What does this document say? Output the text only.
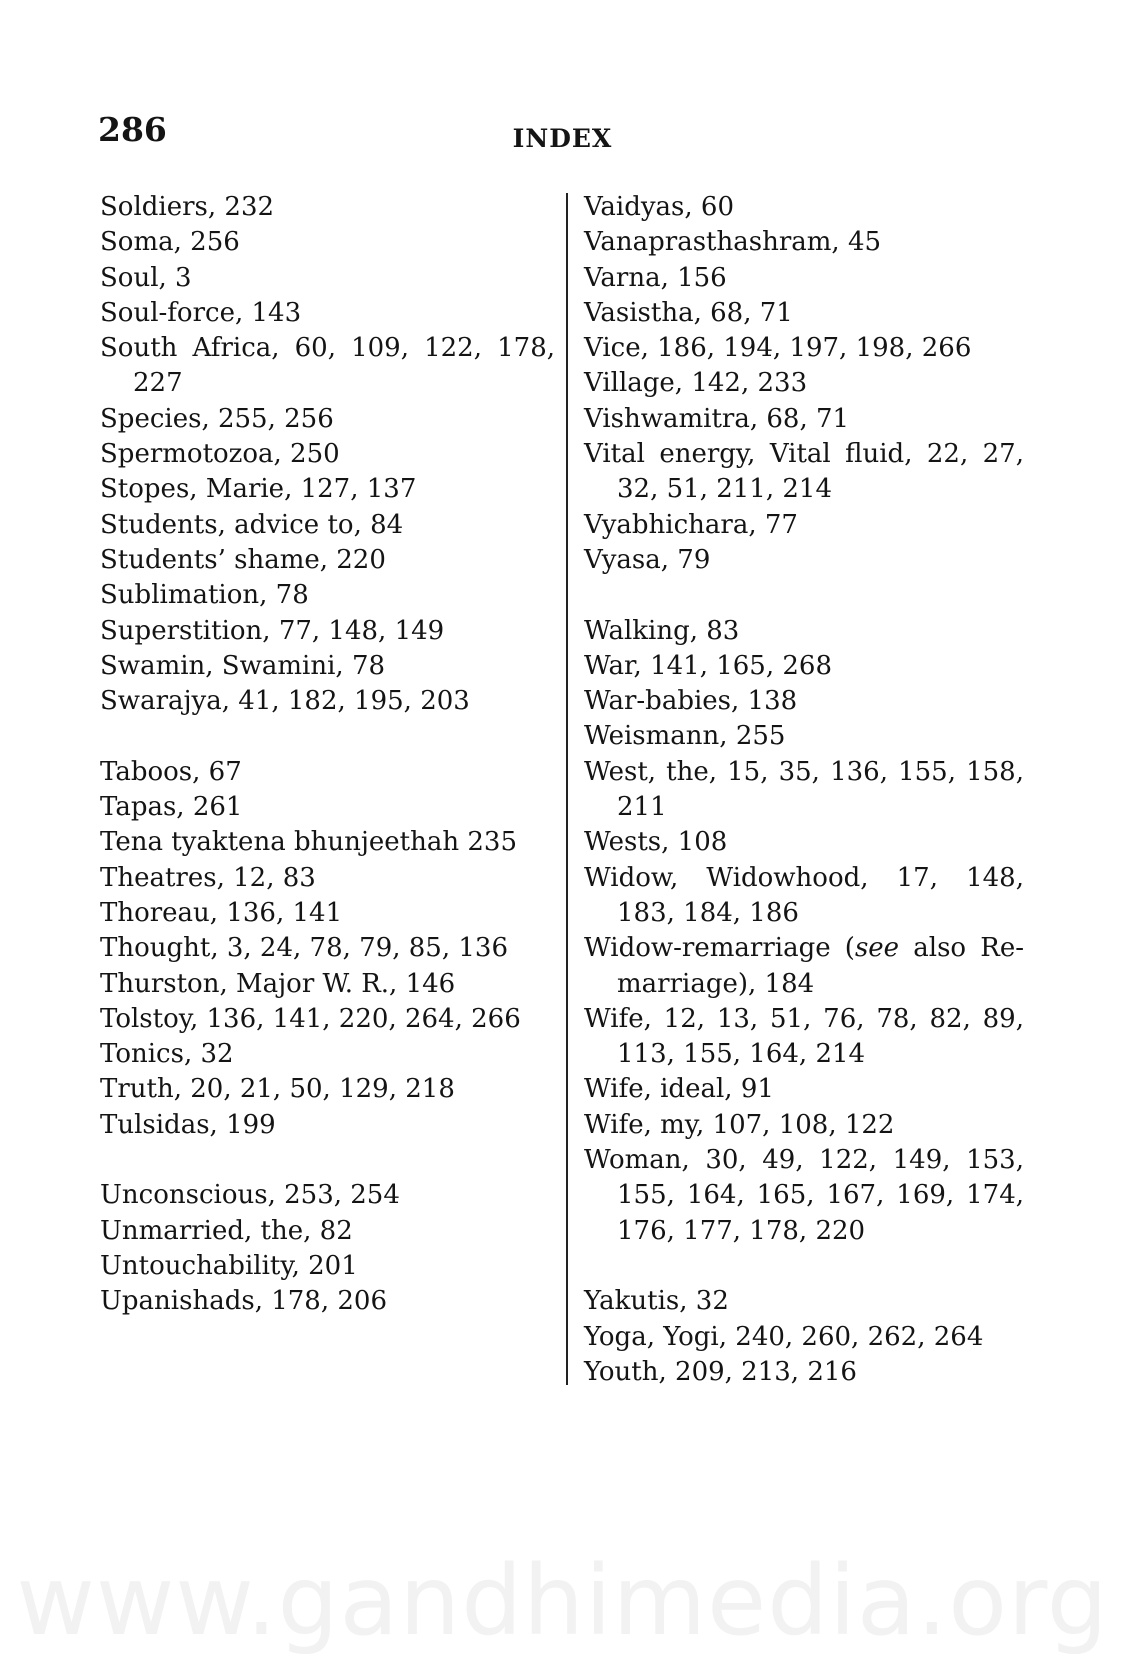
286	INDEX
Soldiers, 232
Soma, 256
Soul, 3
Soul-force, 143
South Africa, 60, 109, 122, 178, 227
Species, 255, 256
Spermotozoa, 250
Stopes, Marie, 127, 137
Students, advice to, 84
Students’ shame, 220
Sublimation, 78
Superstition, 77, 148, 149
Swamin, Swamini, 78
Swarajya, 41, 182, 195, 203
Taboos, 67
Tapas, 261
Tena tyaktena bhunjeethah 235
Theatres, 12, 83
Thoreau, 136, 141
Thought, 3, 24, 78, 79, 85, 136
Thurston, Major W. R., 146
Tolstoy, 136, 141, 220, 264, 266
Tonics, 32
Truth, 20, 21, 50, 129, 218
Tulsidas, 199
Unconscious, 253, 254
Unmarried, the, 82
Untouchability, 201
Upanishads, 178, 206
Vaidyas, 60
Vanaprasthashram, 45
Varna, 156
Vasistha, 68, 71
Vice, 186, 194, 197, 198, 266
Village, 142, 233
Vishwamitra, 68, 71
Vital energy, Vital fluid, 22, 27, 32, 51, 211, 214
Vyabhichara, 77
Vyasa, 79
Walking, 83
War, 141, 165, 268
War-babies, 138
Weismann, 255
West, the, 15, 35, 136, 155, 158, 211
Wests, 108
Widow, Widowhood, 17, 148, 183, 184, 186
Widow-remarriage (see also Re-marriage), 184
Wife, 12, 13, 51, 76, 78, 82, 89, 113, 155, 164, 214
Wife, ideal, 91
Wife, my, 107, 108, 122
Woman, 30, 49, 122, 149, 153, 155, 164, 165, 167, 169, 174, 176, 177, 178, 220
Yakutis, 32
Yoga, Yogi, 240, 260, 262, 264
Youth, 209, 213, 216
www.gandhimedia.org
